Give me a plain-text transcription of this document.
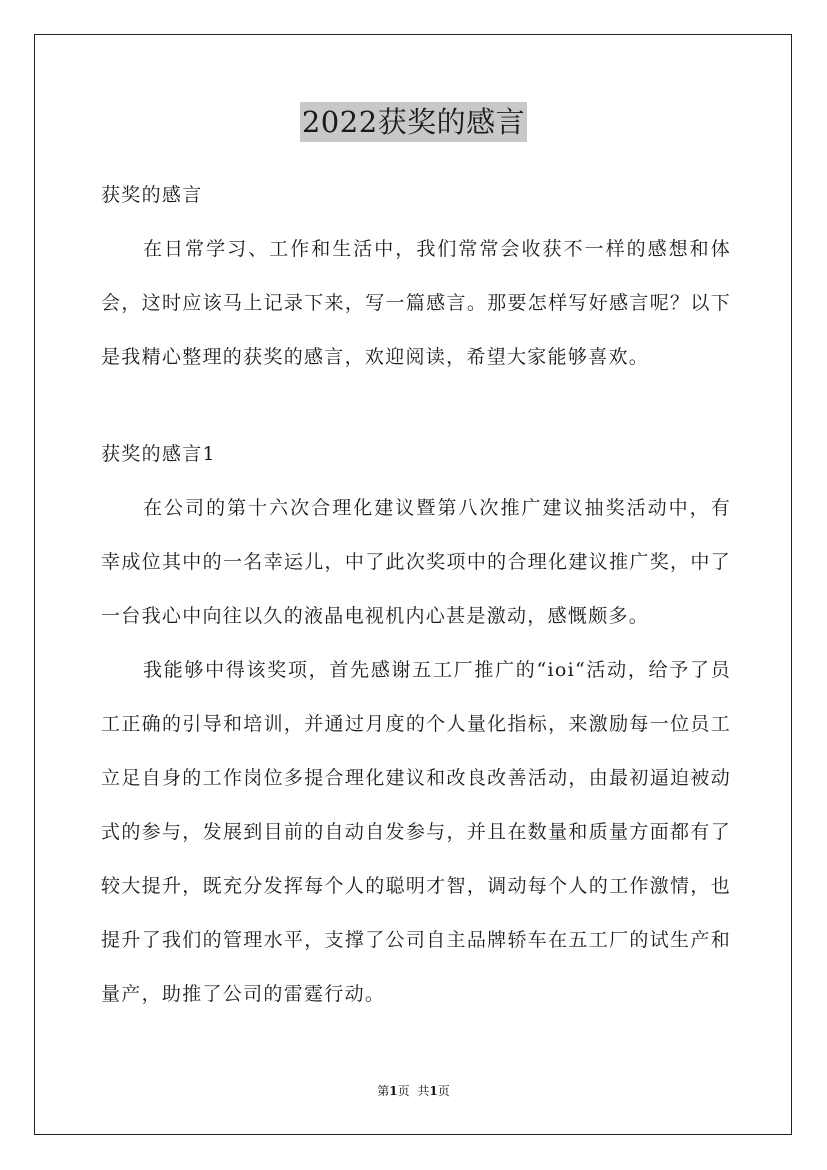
2022获奖的感言

获奖的感言

在日常学习、工作和生活中，我们常常会收获不一样的感想和体会，这时应该马上记录下来，写一篇感言。那要怎样写好感言呢？以下是我精心整理的获奖的感言，欢迎阅读，希望大家能够喜欢。

获奖的感言1

在公司的第十六次合理化建议暨第八次推广建议抽奖活动中，有幸成位其中的一名幸运儿，中了此次奖项中的合理化建议推广奖，中了一台我心中向往以久的液晶电视机内心甚是激动，感慨颇多。

我能够中得该奖项，首先感谢五工厂推广的“ioi“活动，给予了员工正确的引导和培训，并通过月度的个人量化指标，来激励每一位员工立足自身的工作岗位多提合理化建议和改良改善活动，由最初逼迫被动式的参与，发展到目前的自动自发参与，并且在数量和质量方面都有了较大提升，既充分发挥每个人的聪明才智，调动每个人的工作激情，也提升了我们的管理水平，支撑了公司自主品牌轿车在五工厂的试生产和量产，助推了公司的雷霆行动。

第1页 共1页
